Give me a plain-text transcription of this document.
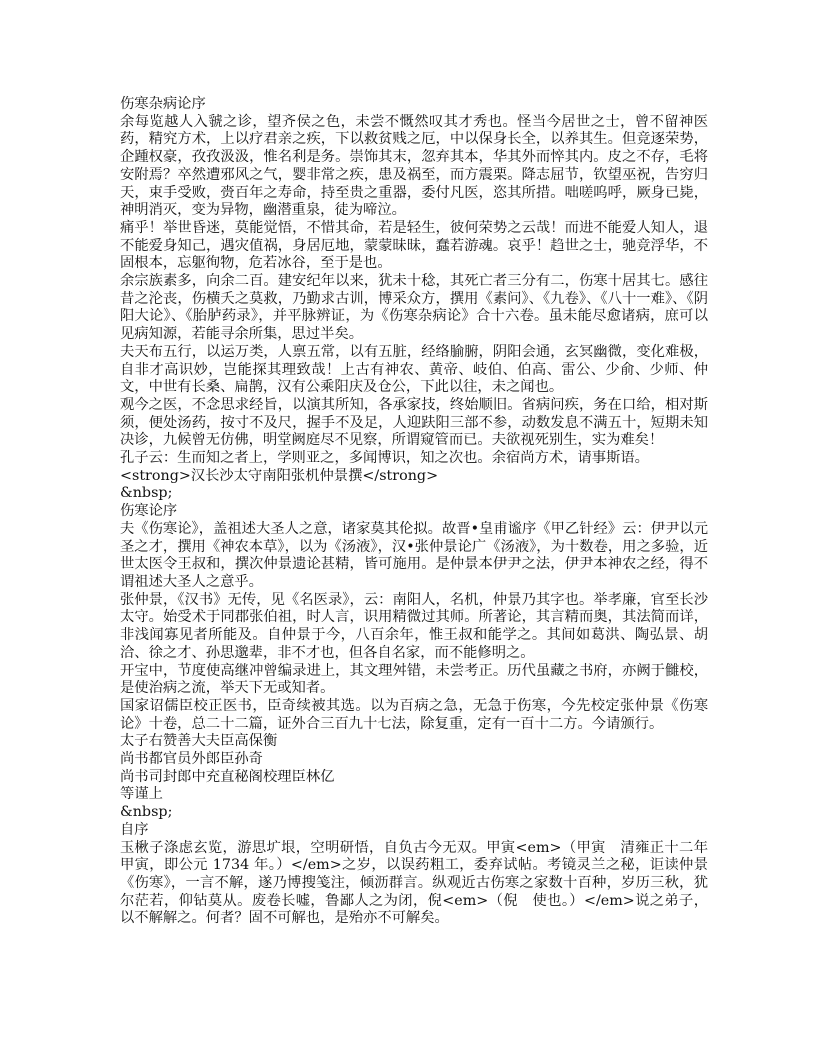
伤寒杂病论序

余每览越人入虢之诊，望齐侯之色，未尝不慨然叹其才秀也。怪当今居世之士，曾不留神医药，精究方术，上以疗君亲之疾，下以救贫贱之厄，中以保身长全，以养其生。但竞逐荣势，企踵权豪，孜孜汲汲，惟名利是务。崇饰其末，忽弃其本，华其外而悴其内。皮之不存，毛将安附焉？卒然遭邪风之气，婴非常之疾，患及祸至，而方震栗。降志屈节，钦望巫祝，告穷归天，束手受败，赍百年之寿命，持至贵之重器，委付凡医，恣其所措。咄嗟呜呼，厥身已毙，神明消灭，变为异物，幽潜重泉，徒为啼泣。

痛乎！举世昏迷，莫能觉悟，不惜其命，若是轻生，彼何荣势之云哉！而进不能爱人知人，退不能爱身知己，遇灾值祸，身居厄地，蒙蒙昧昧，蠢若游魂。哀乎！趋世之士，驰竞浮华，不固根本，忘躯徇物，危若冰谷，至于是也。

余宗族素多，向余二百。建安纪年以来，犹未十稔，其死亡者三分有二，伤寒十居其七。感往昔之沦丧，伤横夭之莫救，乃勤求古训，博采众方，撰用《素问》、《九卷》、《八十一难》、《阴阳大论》、《胎胪药录》，并平脉辨证，为《伤寒杂病论》合十六卷。虽未能尽愈诸病，庶可以见病知源，若能寻余所集，思过半矣。

夫天布五行，以运万类，人禀五常，以有五脏，经络腧腑，阴阳会通，玄冥幽微，变化难极，自非才高识妙，岂能探其理致哉！上古有神农、黄帝、岐伯、伯高、雷公、少俞、少师、仲文，中世有长桑、扁鹊，汉有公乘阳庆及仓公，下此以往，未之闻也。

观今之医，不念思求经旨，以演其所知，各承家技，终始顺旧。省病问疾，务在口给，相对斯须，便处汤药，按寸不及尺，握手不及足，人迎趺阳三部不参，动数发息不满五十，短期未知决诊，九候曾无仿佛，明堂阙庭尽不见察，所谓窥管而已。夫欲视死别生，实为难矣！

孔子云：生而知之者上，学则亚之，多闻博识，知之次也。余宿尚方术，请事斯语。

<strong>汉长沙太守南阳张机仲景撰</strong>

&nbsp;

伤寒论序

夫《伤寒论》，盖祖述大圣人之意，诸家莫其伦拟。故晋•皇甫谧序《甲乙针经》云：伊尹以元圣之才，撰用《神农本草》，以为《汤液》，汉•张仲景论广《汤液》，为十数卷，用之多验，近世太医令王叔和，撰次仲景遗论甚精，皆可施用。是仲景本伊尹之法，伊尹本神农之经，得不谓祖述大圣人之意乎。

张仲景，《汉书》无传，见《名医录》，云：南阳人，名机，仲景乃其字也。举孝廉，官至长沙太守。始受术于同郡张伯祖，时人言，识用精微过其师。所著论，其言精而奥，其法简而详，非浅闻寡见者所能及。自仲景于今，八百余年，惟王叔和能学之。其间如葛洪、陶弘景、胡洽、徐之才、孙思邈辈，非不才也，但各自名家，而不能修明之。

开宝中，节度使高继冲曾编录进上，其文理舛错，未尝考正。历代虽藏之书府，亦阙于雠校，是使治病之流，举天下无或知者。

国家诏儒臣校正医书，臣奇续被其选。以为百病之急，无急于伤寒，今先校定张仲景《伤寒论》十卷，总二十二篇，证外合三百九十七法，除复重，定有一百十二方。今请颁行。

太子右赞善大夫臣高保衡

尚书都官员外郎臣孙奇

尚书司封郎中充直秘阁校理臣林亿

等谨上

&nbsp;

自序

玉楸子涤虑玄览，游思圹垠，空明研悟，自负古今无双。甲寅<em>（甲寅　清雍正十二年甲寅，即公元 1734 年。）</em>之岁，以误药粗工，委弃试帖。考镜灵兰之秘，讵读仲景《伤寒》，一言不解，遂乃博搜笺注，倾沥群言。纵观近古伤寒之家数十百种，岁历三秋，犹尔茫若，仰钻莫从。废卷长嘘，鲁鄙人之为闭，倪<em>（倪　使也。）</em>说之弟子，以不解解之。何者？固不可解也，是殆亦不可解矣。
